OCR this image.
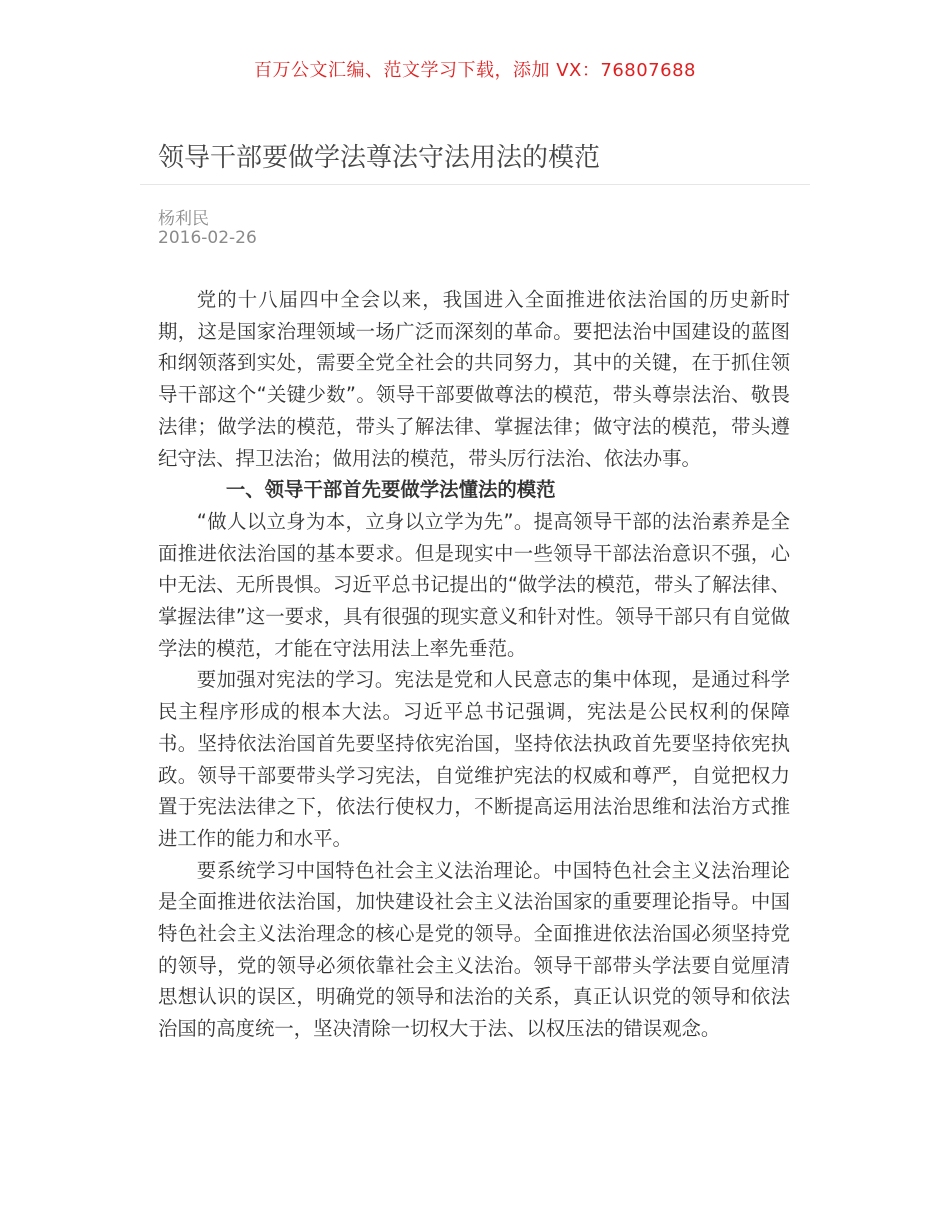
百万公文汇编、范文学习下载，添加 VX：76807688
领导干部要做学法尊法守法用法的模范
杨利民
2016-02-26

党的十八届四中全会以来，我国进入全面推进依法治国的历史新时期，这是国家治理领域一场广泛而深刻的革命。要把法治中国建设的蓝图和纲领落到实处，需要全党全社会的共同努力，其中的关键，在于抓住领导干部这个“关键少数”。领导干部要做尊法的模范，带头尊崇法治、敬畏法律；做学法的模范，带头了解法律、掌握法律；做守法的模范，带头遵纪守法、捍卫法治；做用法的模范，带头厉行法治、依法办事。

一、领导干部首先要做学法懂法的模范

“做人以立身为本，立身以立学为先”。提高领导干部的法治素养是全面推进依法治国的基本要求。但是现实中一些领导干部法治意识不强，心中无法、无所畏惧。习近平总书记提出的“做学法的模范，带头了解法律、掌握法律”这一要求，具有很强的现实意义和针对性。领导干部只有自觉做学法的模范，才能在守法用法上率先垂范。

要加强对宪法的学习。宪法是党和人民意志的集中体现，是通过科学民主程序形成的根本大法。习近平总书记强调，宪法是公民权利的保障书。坚持依法治国首先要坚持依宪治国，坚持依法执政首先要坚持依宪执政。领导干部要带头学习宪法，自觉维护宪法的权威和尊严，自觉把权力置于宪法法律之下，依法行使权力，不断提高运用法治思维和法治方式推进工作的能力和水平。

要系统学习中国特色社会主义法治理论。中国特色社会主义法治理论是全面推进依法治国，加快建设社会主义法治国家的重要理论指导。中国特色社会主义法治理念的核心是党的领导。全面推进依法治国必须坚持党的领导，党的领导必须依靠社会主义法治。领导干部带头学法要自觉厘清思想认识的误区，明确党的领导和法治的关系，真正认识党的领导和依法治国的高度统一，坚决清除一切权大于法、以权压法的错误观念。
